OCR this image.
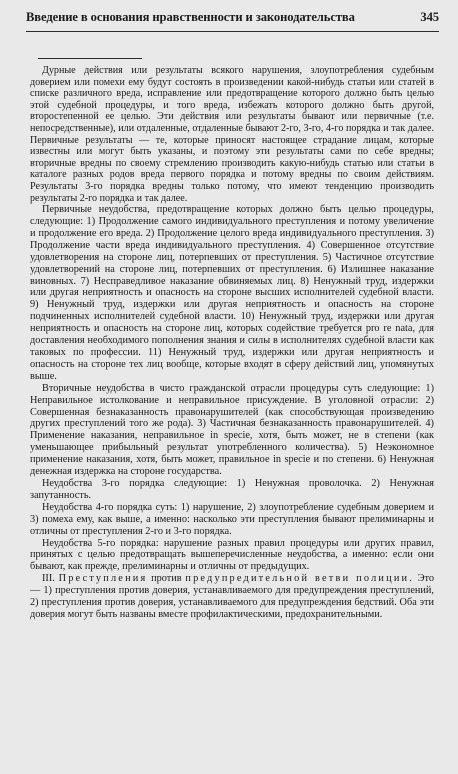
Введение в основания нравственности и законодательства	345

Дурные действия или результаты всякого нарушения, злоупотребления судебным доверием или помехи ему будут состоять в произведении какой-нибудь статьи или статей в списке различного вреда, исправление или предотвращение которого должно быть целью этой судебной процедуры, и того вреда, избежать которого должно быть другой, второстепенной ее целью. Эти действия или результаты бывают или первичные (т.е. непосредственные), или отдаленные, отдаленные бывают 2-го, 3-го, 4-го порядка и так далее. Первичные результаты — те, которые приносят настоящее страдание лицам, которые известны или могут быть указаны, и поэтому эти результаты сами по себе вредны; вторичные вредны по своему стремлению производить какую-нибудь статью или статьи в каталоге разных родов вреда первого порядка и потому вредны по своим действиям. Результаты 3-го порядка вредны только потому, что имеют тенденцию производить результаты 2-го порядка и так далее.

Первичные неудобства, предотвращение которых должно быть целью процедуры, следующие: 1) Продолжение самого индивидуального преступления и потому увеличение и продолжение его вреда. 2) Продолжение целого вреда индивидуального преступления. 3) Продолжение части вреда индивидуального преступления. 4) Совершенное отсутствие удовлетворения на стороне лиц, потерпевших от преступления. 5) Частичное отсутствие удовлетворений на стороне лиц, потерпевших от преступления. 6) Излишнее наказание виновных. 7) Несправедливое наказание обвиняемых лиц. 8) Ненужный труд, издержки или другая неприятность и опасность на стороне высших исполнителей судебной власти. 9) Ненужный труд, издержки или другая неприятность и опасность на стороне подчиненных исполнителей судебной власти. 10) Ненужный труд, издержки или другая неприятность и опасность на стороне лиц, которых содействие требуется pro re nata, для доставления необходимого пополнения знания и силы в исполнителях судебной власти как таковых по профессии. 11) Ненужный труд, издержки или другая неприятность и опасность на стороне тех лиц вообще, которые входят в сферу действий лиц, упомянутых выше.

Вторичные неудобства в чисто гражданской отрасли процедуры суть следующие: 1) Неправильное истолкование и неправильное присуждение. В уголовной отрасли: 2) Совершенная безнаказанность правонарушителей (как способствующая произведению других преступлений того же рода). 3) Частичная безнаказанность правонарушителей. 4) Применение наказания, неправильное in specie, хотя, быть может, не в степени (как уменьшающее прибыльный результат употребленного количества). 5) Неэкономное применение наказания, хотя, быть может, правильное in specie и по степени. 6) Ненужная денежная издержка на стороне государства.

Неудобства 3-го порядка следующие: 1) Ненужная проволочка. 2) Ненужная запутанность.

Неудобства 4-го порядка суть: 1) нарушение, 2) злоупотребление судебным доверием и 3) помеха ему, как выше, а именно: насколько эти преступления бывают прелиминарны и отличны от преступления 2-го и 3-го порядка.

Неудобства 5-го порядка: нарушение разных правил процедуры или других правил, принятых с целью предотвращать вышеперечисленные неудобства, а именно: если они бывают, как прежде, прелиминарны и отличны от предыдущих.

III. Преступления против предупредительной ветви полиции. Это — 1) преступления против доверия, устанавливаемого для предупреждения преступлений, 2) преступления против доверия, устанавливаемого для предупреждения бедствий. Оба эти доверия могут быть названы вместе профилактическими, предохранительными.
